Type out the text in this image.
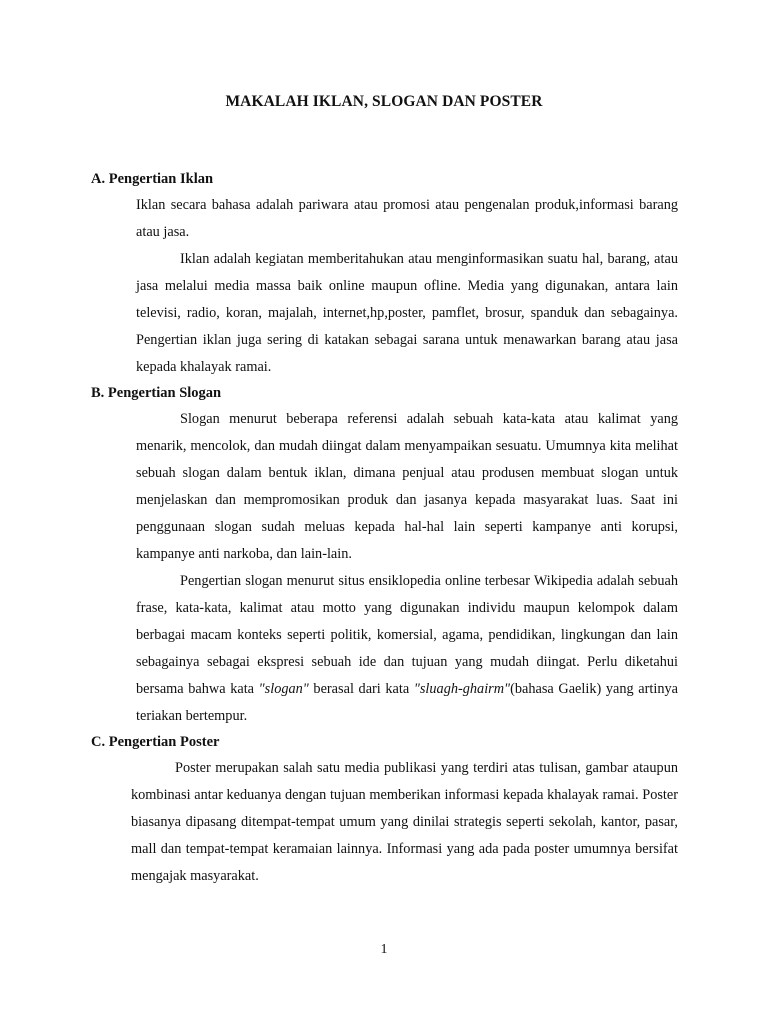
MAKALAH IKLAN, SLOGAN DAN POSTER
A. Pengertian Iklan
Iklan secara bahasa adalah pariwara atau promosi atau pengenalan produk,informasi barang atau jasa.
Iklan adalah kegiatan memberitahukan atau menginformasikan suatu hal, barang, atau jasa melalui media massa baik online maupun ofline. Media yang digunakan, antara lain televisi, radio, koran, majalah, internet,hp,poster, pamflet, brosur, spanduk dan sebagainya. Pengertian iklan juga sering di katakan sebagai sarana untuk menawarkan barang atau jasa kepada khalayak ramai.
B. Pengertian Slogan
Slogan menurut beberapa referensi adalah sebuah kata-kata atau kalimat yang menarik, mencolok, dan mudah diingat dalam menyampaikan sesuatu. Umumnya kita melihat sebuah slogan dalam bentuk iklan, dimana penjual atau produsen membuat slogan untuk menjelaskan dan mempromosikan produk dan jasanya kepada masyarakat luas. Saat ini penggunaan slogan sudah meluas kepada hal-hal lain seperti kampanye anti korupsi, kampanye anti narkoba, dan lain-lain.
Pengertian slogan menurut situs ensiklopedia online terbesar Wikipedia adalah sebuah frase, kata-kata, kalimat atau motto yang digunakan individu maupun kelompok dalam berbagai macam konteks seperti politik, komersial, agama, pendidikan, lingkungan dan lain sebagainya sebagai ekspresi sebuah ide dan tujuan yang mudah diingat. Perlu diketahui bersama bahwa kata "slogan" berasal dari kata "sluagh-ghairm"(bahasa Gaelik) yang artinya teriakan bertempur.
C. Pengertian Poster
Poster merupakan salah satu media publikasi yang terdiri atas tulisan, gambar ataupun kombinasi antar keduanya dengan tujuan memberikan informasi kepada khalayak ramai. Poster biasanya dipasang ditempat-tempat umum yang dinilai strategis seperti sekolah, kantor, pasar, mall dan tempat-tempat keramaian lainnya. Informasi yang ada pada poster umumnya bersifat mengajak masyarakat.
1
